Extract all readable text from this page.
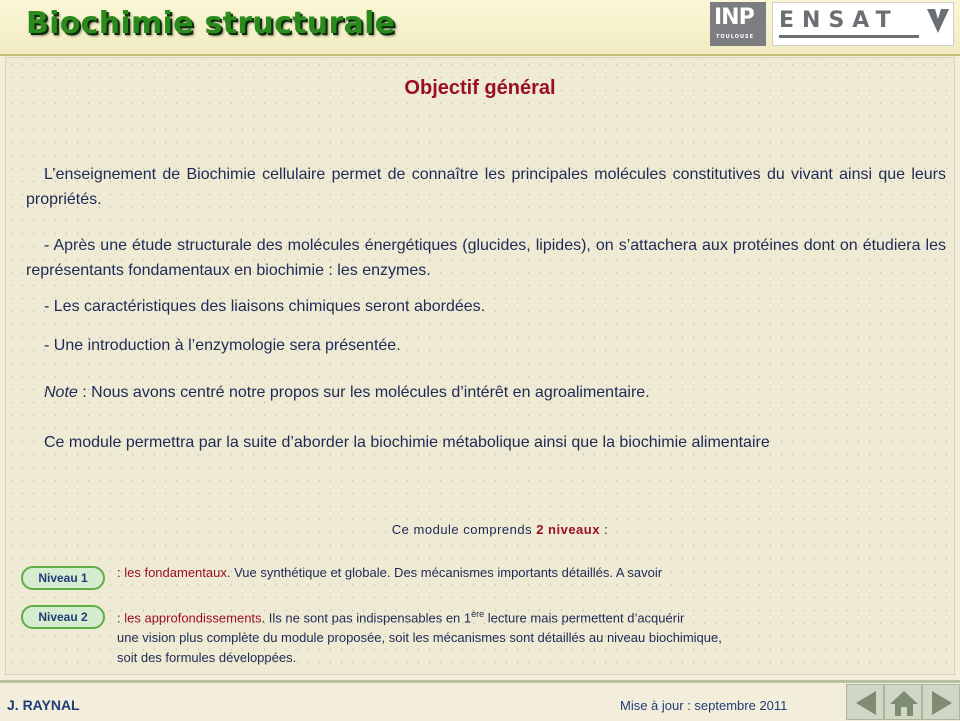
Biochimie structurale	INP
TOULOUSE
ENSAT
Objectif général
L’enseignement de Biochimie cellulaire permet de connaître les principales molécules constitutives du vivant ainsi que leurs propriétés.
- Après une étude structurale des molécules énergétiques (glucides, lipides), on s’attachera aux protéines dont on étudiera les représentants fondamentaux en biochimie : les enzymes.
- Les caractéristiques des liaisons chimiques seront abordées.
- Une introduction à l’enzymologie sera présentée.
Note : Nous avons centré notre propos sur les molécules d’intérêt en agroalimentaire.
Ce module permettra par la suite d’aborder la biochimie métabolique ainsi que la biochimie alimentaire
Ce module comprends 2 niveaux :
Niveau 1	: les fondamentaux. Vue synthétique et globale. Des mécanismes importants détaillés. A savoir
Niveau 2	: les approfondissements. Ils ne sont pas indispensables en 1ère lecture mais permettent d’acquérir
une vision plus complète du module proposée, soit les mécanismes sont détaillés au niveau biochimique,
soit des formules développées.
J. RAYNAL	Mise à jour : septembre 2011
